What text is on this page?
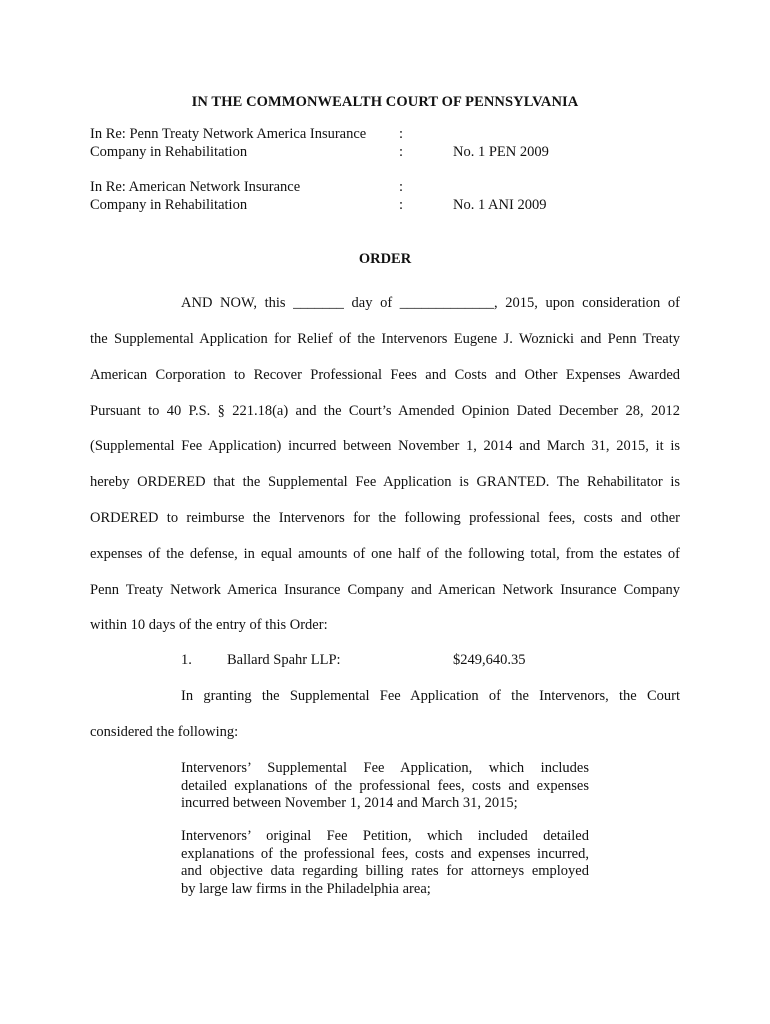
IN THE COMMONWEALTH COURT OF PENNSYLVANIA
In Re: Penn Treaty Network America Insurance :
Company in Rehabilitation	:	No. 1 PEN 2009
In Re: American Network Insurance	:
Company in Rehabilitation	:	No. 1 ANI 2009
ORDER
AND NOW, this _______ day of _____________, 2015, upon consideration of
the Supplemental Application for Relief of the Intervenors Eugene J. Woznicki and Penn Treaty
American Corporation to Recover Professional Fees and Costs and Other Expenses Awarded
Pursuant to 40 P.S. § 221.18(a) and the Court’s Amended Opinion Dated December 28, 2012
(Supplemental Fee Application) incurred between November 1, 2014 and March 31, 2015, it is
hereby ORDERED that the Supplemental Fee Application is GRANTED. The Rehabilitator is
ORDERED to reimburse the Intervenors for the following professional fees, costs and other
expenses of the defense, in equal amounts of one half of the following total, from the estates of
Penn Treaty Network America Insurance Company and American Network Insurance Company
within 10 days of the entry of this Order:
1. Ballard Spahr LLP:	$249,640.35
In granting the Supplemental Fee Application of the Intervenors, the Court
considered the following:
Intervenors’ Supplemental Fee Application, which includes
detailed explanations of the professional fees, costs and expenses
incurred between November 1, 2014 and March 31, 2015;
Intervenors’ original Fee Petition, which included detailed
explanations of the professional fees, costs and expenses incurred,
and objective data regarding billing rates for attorneys employed
by large law firms in the Philadelphia area;
